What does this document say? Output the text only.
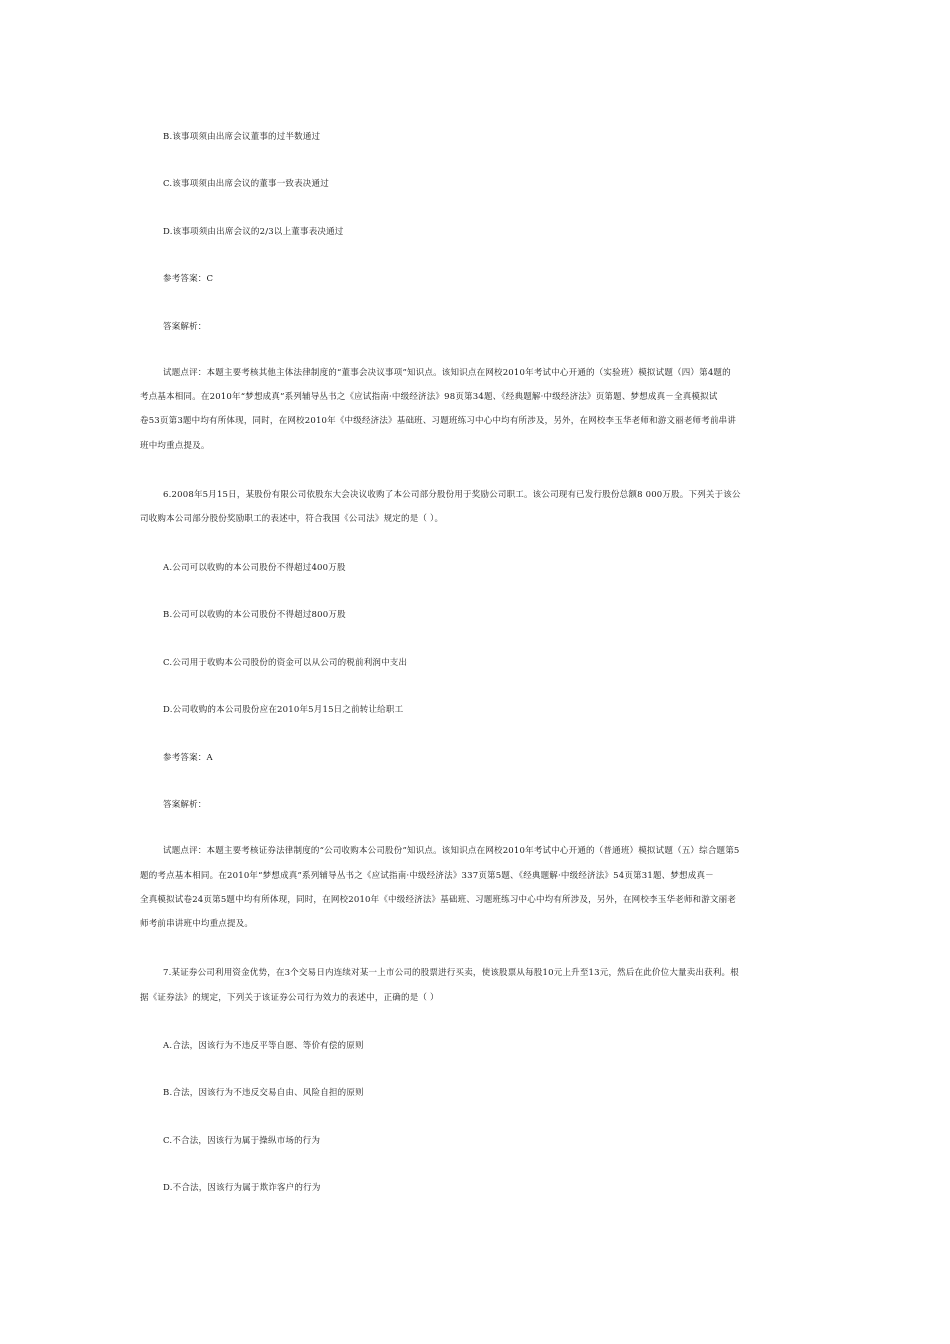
B.该事项须由出席会议董事的过半数通过
C.该事项须由出席会议的董事一致表决通过
D.该事项须由出席会议的2/3以上董事表决通过
参考答案：C
答案解析：
试题点评：本题主要考核其他主体法律制度的“董事会决议事项”知识点。该知识点在网校2010年考试中心开通的（实验班）模拟试题（四）第4题的
考点基本相同。在2010年“梦想成真”系列辅导丛书之《应试指南·中级经济法》98页第34题、《经典题解·中级经济法》页第题、梦想成真－全真模拟试
卷53页第3题中均有所体现，同时，在网校2010年《中级经济法》基础班、习题班练习中心中均有所涉及，另外，在网校李玉华老师和游文丽老师考前串讲
班中均重点提及。
6.2008年5月15日，某股份有限公司依股东大会决议收购了本公司部分股份用于奖励公司职工。该公司现有已发行股份总额8 000万股。下列关于该公
司收购本公司部分股份奖励职工的表述中，符合我国《公司法》规定的是（ ）。
A.公司可以收购的本公司股份不得超过400万股
B.公司可以收购的本公司股份不得超过800万股
C.公司用于收购本公司股份的资金可以从公司的税前利润中支出
D.公司收购的本公司股份应在2010年5月15日之前转让给职工
参考答案：A
答案解析：
试题点评：本题主要考核证券法律制度的“公司收购本公司股份”知识点。该知识点在网校2010年考试中心开通的（普通班）模拟试题（五）综合题第5
题的考点基本相同。在2010年“梦想成真”系列辅导丛书之《应试指南·中级经济法》337页第5题、《经典题解·中级经济法》54页第31题、梦想成真－
全真模拟试卷24页第5题中均有所体现，同时，在网校2010年《中级经济法》基础班、习题班练习中心中均有所涉及，另外，在网校李玉华老师和游文丽老
师考前串讲班中均重点提及。
7.某证券公司利用资金优势，在3个交易日内连续对某一上市公司的股票进行买卖，使该股票从每股10元上升至13元，然后在此价位大量卖出获利。根
据《证券法》的规定，下列关于该证券公司行为效力的表述中，正确的是（ ）
A.合法，因该行为不违反平等自愿、等价有偿的原则
B.合法，因该行为不违反交易自由、风险自担的原则
C.不合法，因该行为属于操纵市场的行为
D.不合法，因该行为属于欺诈客户的行为
